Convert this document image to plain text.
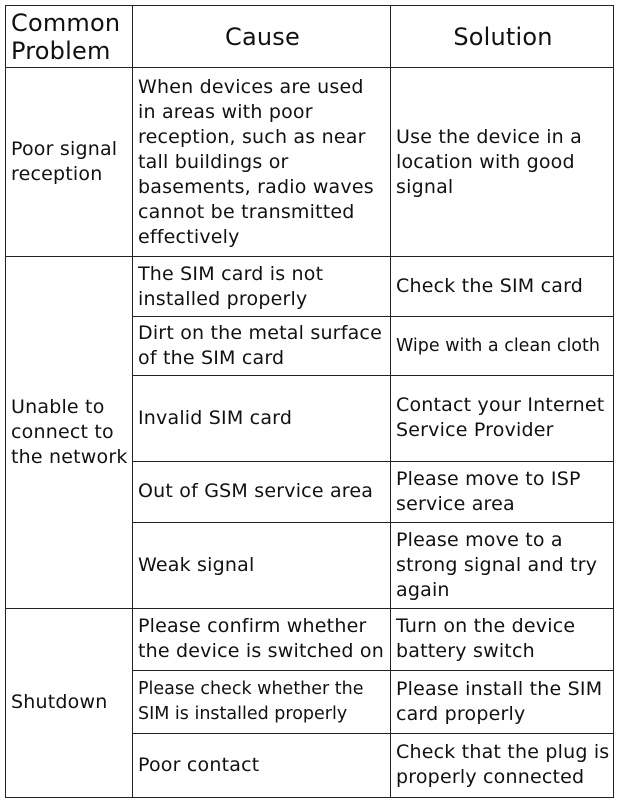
Common Problem	Cause	Solution
Poor signal reception	When devices are used in areas with poor reception, such as near tall buildings or basements, radio waves cannot be transmitted effectively	Use the device in a location with good signal
Unable to connect to the network	The SIM card is not installed properly	Check the SIM card
	Dirt on the metal surface of the SIM card	Wipe with a clean cloth
	Invalid SIM card	Contact your Internet Service Provider
	Out of GSM service area	Please move to ISP service area
	Weak signal	Please move to a strong signal and try again
Shutdown	Please confirm whether the device is switched on	Turn on the device battery switch
	Please check whether the SIM is installed properly	Please install the SIM card properly
	Poor contact	Check that the plug is properly connected
